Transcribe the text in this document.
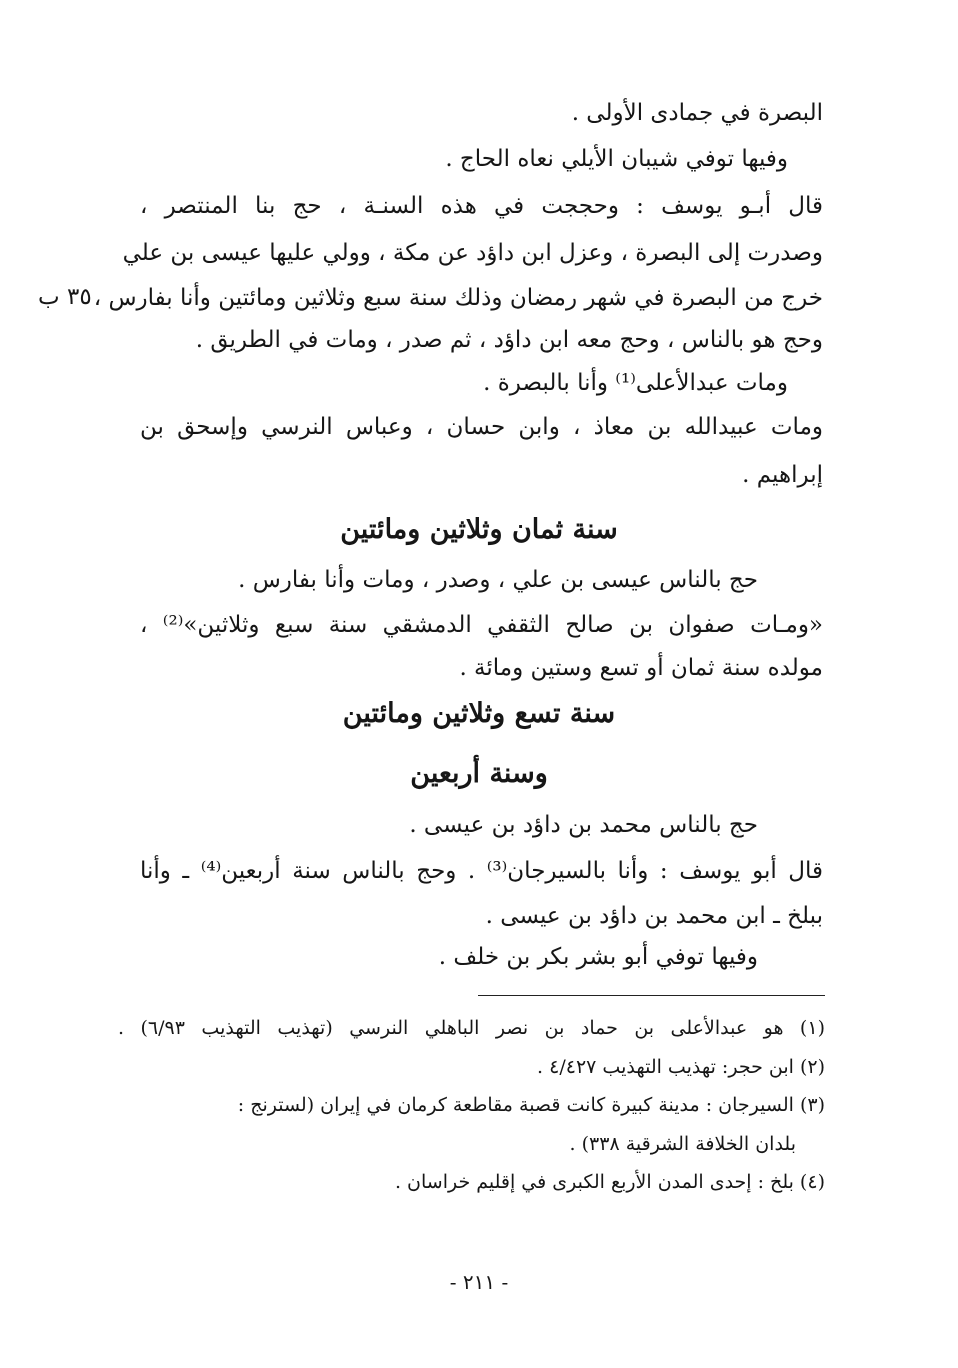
٣٥ ب
البصرة في جمادى الأولى .
وفيها توفي شيبان الأيلي نعاه الحاج .
قال أبـو يوسف : وحججت في هذه السنـة ، حج بنا المنتصر ،
وصدرت إلى البصرة ، وعزل ابن داؤد عن مكة ، وولي عليها عيسى بن علي
خرج من البصرة في شهر رمضان وذلك سنة سبع وثلاثين ومائتين وأنا بفارس ،
وحج هو بالناس ، وحج معه ابن داؤد ، ثم صدر ، ومات في الطريق .
ومات عبدالأعلى⁽¹⁾ وأنا بالبصرة .
ومات عبيدالله بن معاذ ، وابن حسان ، وعباس النرسي وإسحق بن
إبراهيم .
سنة ثمان وثلاثين ومائتين
حج بالناس عيسى بن علي ، وصدر ، ومات وأنا بفارس .
«ومـات صفوان بن صالح الثقفي الدمشقي سنة سبع وثلاثين»⁽²⁾ ،
مولده سنة ثمان أو تسع وستين ومائة .
سنة تسع وثلاثين ومائتين
وسنة أربعين
حج بالناس محمد بن داؤد بن عيسى .
قال أبو يوسف : وأنا بالسيرجان⁽³⁾ . وحج بالناس سنة أربعين⁽⁴⁾ ـ وأنا
ببلخ ـ ابن محمد بن داؤد بن عيسى .
وفيها توفي أبو بشر بكر بن خلف .
(١) هو عبدالأعلى بن حماد بن نصر الباهلي النرسي (تهذيب التهذيب ٦/٩٣) .
(٢) ابن حجر: تهذيب التهذيب ٤/٤٢٧ .
(٣) السيرجان : مدينة كبيرة كانت قصبة مقاطعة كرمان في إيران (لسترنج :
بلدان الخلافة الشرقية ٣٣٨) .
(٤) بلخ : إحدى المدن الأربع الكبرى في إقليم خراسان .
- ٢١١ -
